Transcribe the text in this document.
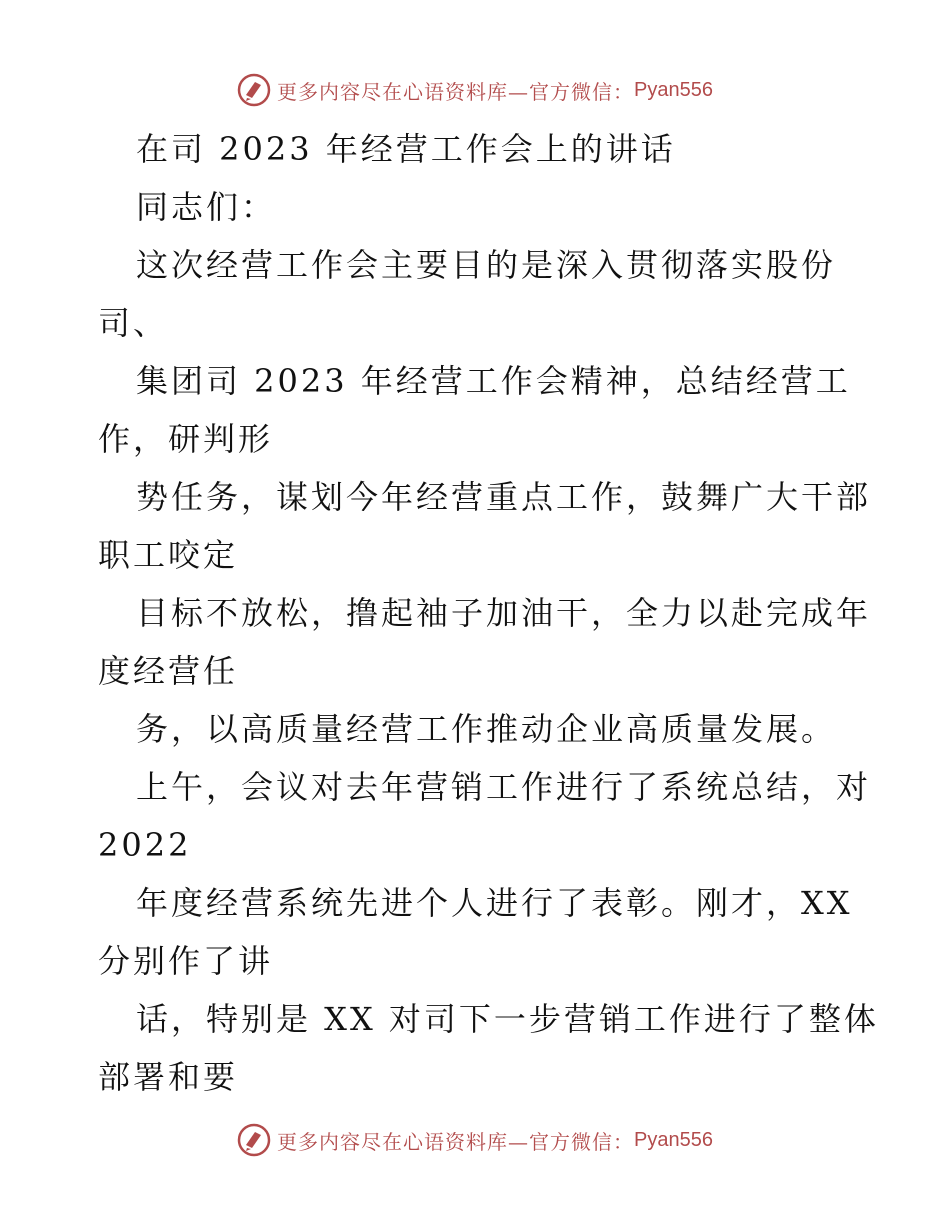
更多内容尽在心语资料库—官方微信： Pyan556
在司 2023 年经营工作会上的讲话
同志们：
这次经营工作会主要目的是深入贯彻落实股份
司、
集团司 2023 年经营工作会精神，总结经营工
作，研判形
势任务，谋划今年经营重点工作，鼓舞广大干部
职工咬定
目标不放松，撸起袖子加油干，全力以赴完成年
度经营任
务，以高质量经营工作推动企业高质量发展。
上午，会议对去年营销工作进行了系统总结，对
2022
年度经营系统先进个人进行了表彰。刚才，XX
分别作了讲
话，特别是 XX 对司下一步营销工作进行了整体
部署和要
更多内容尽在心语资料库—官方微信： Pyan556
